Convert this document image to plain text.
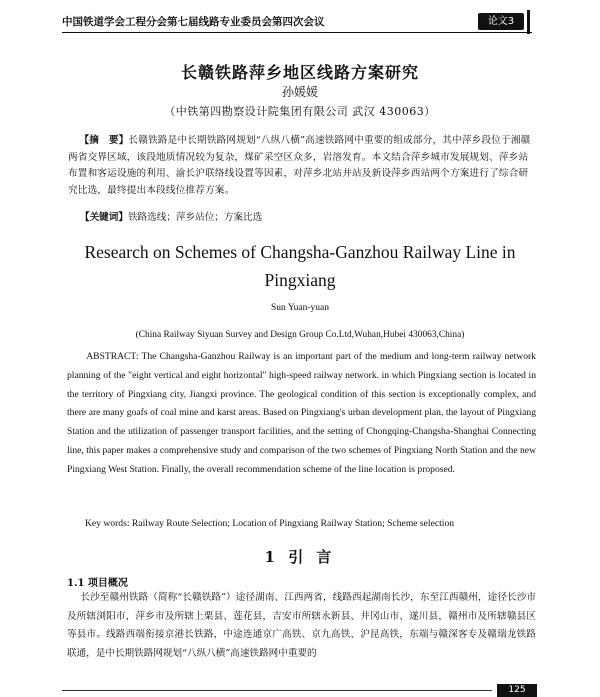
中国铁道学会工程分会第七届线路专业委员会第四次会议	论文3
长赣铁路萍乡地区线路方案研究
孙媛媛
（中铁第四勘察设计院集团有限公司 武汉 430063）
【摘　要】长赣铁路是中长期铁路网规划“八纵八横”高速铁路网中重要的组成部分，其中萍乡段位于湘赣两省交界区域，该段地质情况较为复杂，煤矿采空区众多，岩溶发育。本文结合萍乡城市发展规划、萍乡站布置和客运设施的利用、渝长沪联络线设置等因素，对萍乡北站并站及新设萍乡西站两个方案进行了综合研究比选，最终提出本段线位推荐方案。
【关键词】铁路选线；萍乡站位；方案比选
Research on Schemes of Changsha-Ganzhou Railway Line in Pingxiang
Sun Yuan-yuan
(China Railway Siyuan Survey and Design Group Co.Ltd,Wuhan,Hubei 430063,China)
ABSTRACT: The Changsha-Ganzhou Railway is an important part of the medium and long-term railway network planning of the "eight vertical and eight horizontal" high-speed railway network. in which Pingxiang section is located in the territory of Pingxiang city, Jiangxi province. The geological condition of this section is exceptionally complex, and there are many goafs of coal mine and karst areas. Based on Pingxiang's urban development plan, the layout of Pingxiang Station and the utilization of passenger transport facilities, and the setting of Chongqing-Changsha-Shanghai Connecting line, this paper makes a comprehensive study and comparison of the two schemes of Pingxiang North Station and the new Pingxiang West Station. Finally, the overall recommendation scheme of the line location is proposed.
Key words: Railway Route Selection; Location of Pingxiang Railway Station; Scheme selection
1 引 言
1.1 项目概况
长沙至赣州铁路（简称“长赣铁路”）途径湖南、江西两省，线路西起湖南长沙，东至江西赣州，途径长沙市及所辖浏阳市，萍乡市及所辖上栗县、莲花县，吉安市所辖永新县、井冈山市、遂川县，赣州市及所辖赣县区等县市。线路西端衔接京港长铁路，中途连通京广高铁、京九高铁、沪昆高铁，东端与赣深客专及赣瑞龙铁路联通，是中长期铁路网规划“八纵八横”高速铁路网中重要的
125
